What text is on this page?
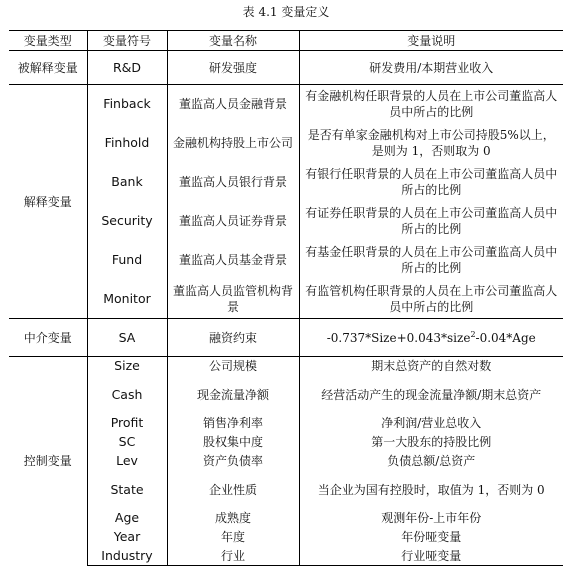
表 4.1 变量定义
变量类型	变量符号	变量名称	变量说明
被解释变量	R&D	研发强度	研发费用/本期营业收入
解释变量	Finback	董监高人员金融背景	有金融机构任职背景的人员在上市公司董监高人员中所占的比例
	Finhold	金融机构持股上市公司	是否有单家金融机构对上市公司持股5%以上，是则为 1，否则取为 0
	Bank	董监高人员银行背景	有银行任职背景的人员在上市公司董监高人员中所占的比例
	Security	董监高人员证券背景	有证券任职背景的人员在上市公司董监高人员中所占的比例
	Fund	董监高人员基金背景	有基金任职背景的人员在上市公司董监高人员中所占的比例
	Monitor	董监高人员监管机构背景	有监管机构任职背景的人员在上市公司董监高人员中所占的比例
中介变量	SA	融资约束	-0.737*Size+0.043*size$^2$-0.04*Age
控制变量	Size	公司规模	期末总资产的自然对数
	Cash	现金流量净额	经营活动产生的现金流量净额/期末总资产
	Profit	销售净利率	净利润/营业总收入
	SC	股权集中度	第一大股东的持股比例
	Lev	资产负债率	负债总额/总资产
	State	企业性质	当企业为国有控股时，取值为 1，否则为 0
	Age	成熟度	观测年份-上市年份
	Year	年度	年份哑变量
	Industry	行业	行业哑变量
